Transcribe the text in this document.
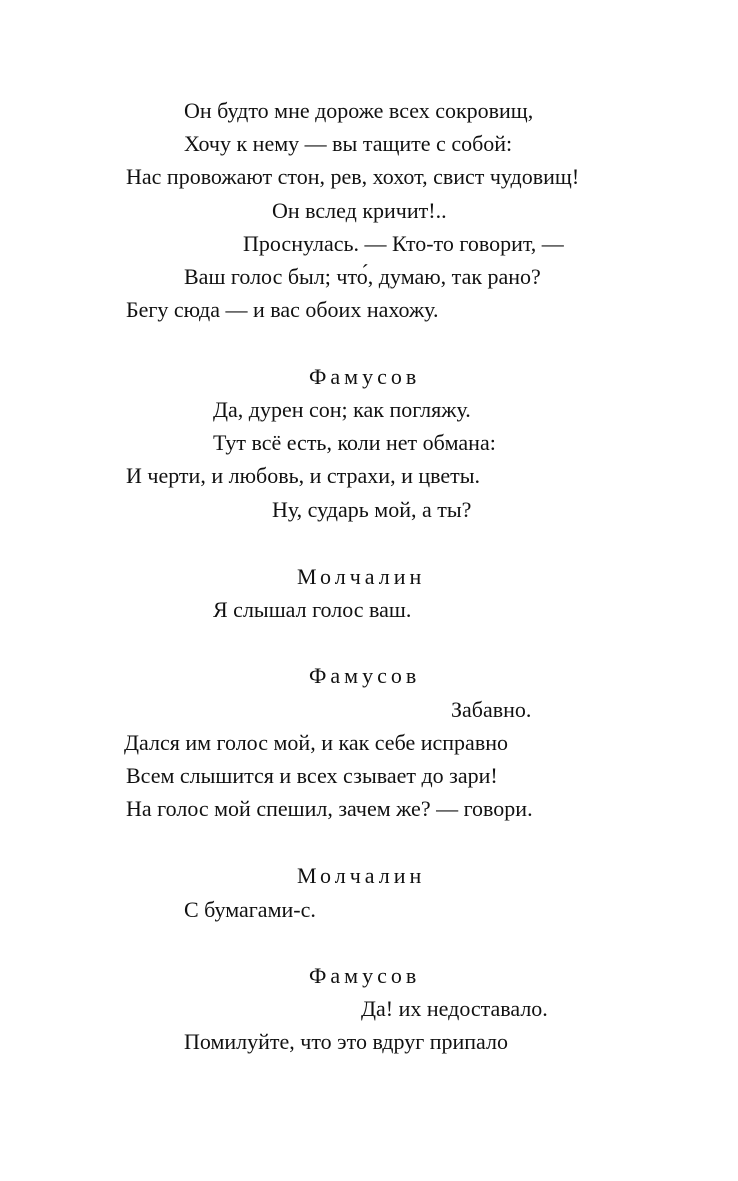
Он будто мне дороже всех сокровищ,
Хочу к нему — вы тащите с собой:
Нас провожают стон, рев, хохот, свист чудовищ!
Он вслед кричит!..
Проснулась. — Кто-то говорит, —
Ваш голос был; что́, думаю, так рано?
Бегу сюда — и вас обоих нахожу.
Фамусов
Да, дурен сон; как погляжу.
Тут всё есть, коли нет обмана:
И черти, и любовь, и страхи, и цветы.
Ну, сударь мой, а ты?
Молчалин
Я слышал голос ваш.
Фамусов
Забавно.
Дался им голос мой, и как себе исправно
Всем слышится и всех сзывает до зари!
На голос мой спешил, зачем же? — говори.
Молчалин
С бумагами-с.
Фамусов
Да! их недоставало.
Помилуйте, что это вдруг припало
